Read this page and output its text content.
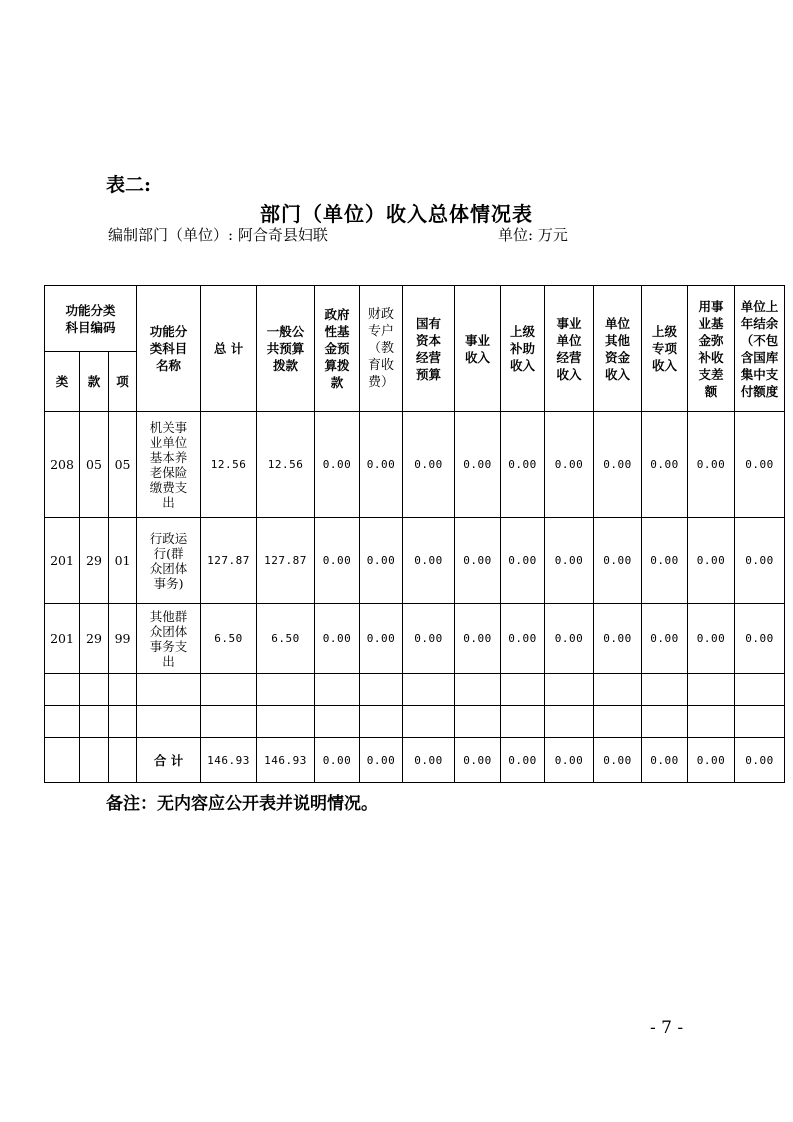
表二:
部门（单位）收入总体情况表
编制部门（单位）: 阿合奇县妇联	单位: 万元
功能分类科目编码			功能分类科目名称	总 计	一般公共预算拨款	政府性基金预算拨款	财政专户（教育收费）	国有资本经营预算	事业收入	上级补助收入	事业单位经营收入	单位其他资金收入	上级专项收入	用事业基金弥补收支差额	单位上年结余（不包含国库集中支付额度
类	款	项													
208	05	05	机关事业单位基本养老保险缴费支出	12.56	12.56	0.00	0.00	0.00	0.00	0.00	0.00	0.00	0.00	0.00	0.00
201	29	01	行政运行(群众团体事务)	127.87	127.87	0.00	0.00	0.00	0.00	0.00	0.00	0.00	0.00	0.00	0.00
201	29	99	其他群众团体事务支出	6.50	6.50	0.00	0.00	0.00	0.00	0.00	0.00	0.00	0.00	0.00	0.00

			合 计	146.93	146.93	0.00	0.00	0.00	0.00	0.00	0.00	0.00	0.00	0.00	0.00
备注：无内容应公开表并说明情况。
- 7 -
